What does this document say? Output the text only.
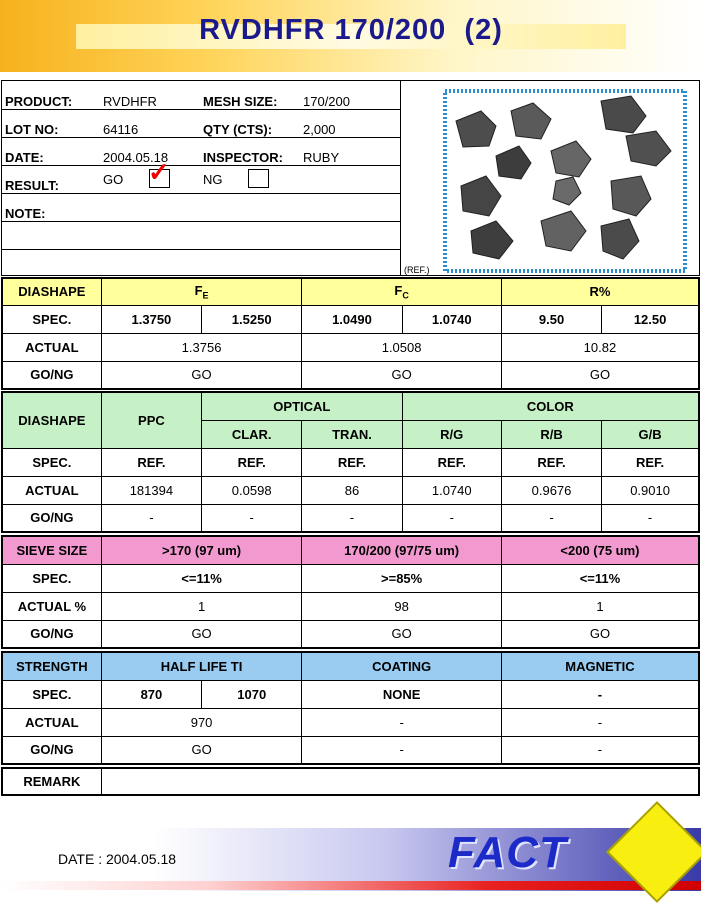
RVDHFR 170/200  (2)
PRODUCT: RVDHFR	MESH SIZE: 170/200
LOT NO:	64116	QTY (CTS): 2,000
DATE:	2004.05.18	INSPECTOR: RUBY
RESULT:	GO ✓	NG
NOTE:
(REF.)
DIASHAPE	$F_E$		$F_C$		R%	
SPEC.	1.3750	1.5250	1.0490	1.0740	9.50	12.50
ACTUAL	1.3756		1.0508		10.82	
GO/NG	GO		GO		GO	
DIASHAPE	PPC	OPTICAL		COLOR		
		CLAR.	TRAN.	R/G	R/B	G/B
SPEC.	REF.	REF.	REF.	REF.	REF.	REF.
ACTUAL	181394	0.0598	86	1.0740	0.9676	0.9010
GO/NG	-	-	-	-	-	-
SIEVE SIZE	>170 (97 um)	170/200 (97/75 um)	<200 (75 um)
SPEC.	<=11%	>=85%	<=11%
ACTUAL %	1	98	1
GO/NG	GO	GO	GO
STRENGTH	HALF LIFE TI		COATING	MAGNETIC
SPEC.	870	1070	NONE	-
ACTUAL	970		-	-
GO/NG	GO		-	-
REMARK	
DATE : 2004.05.18	FACT
